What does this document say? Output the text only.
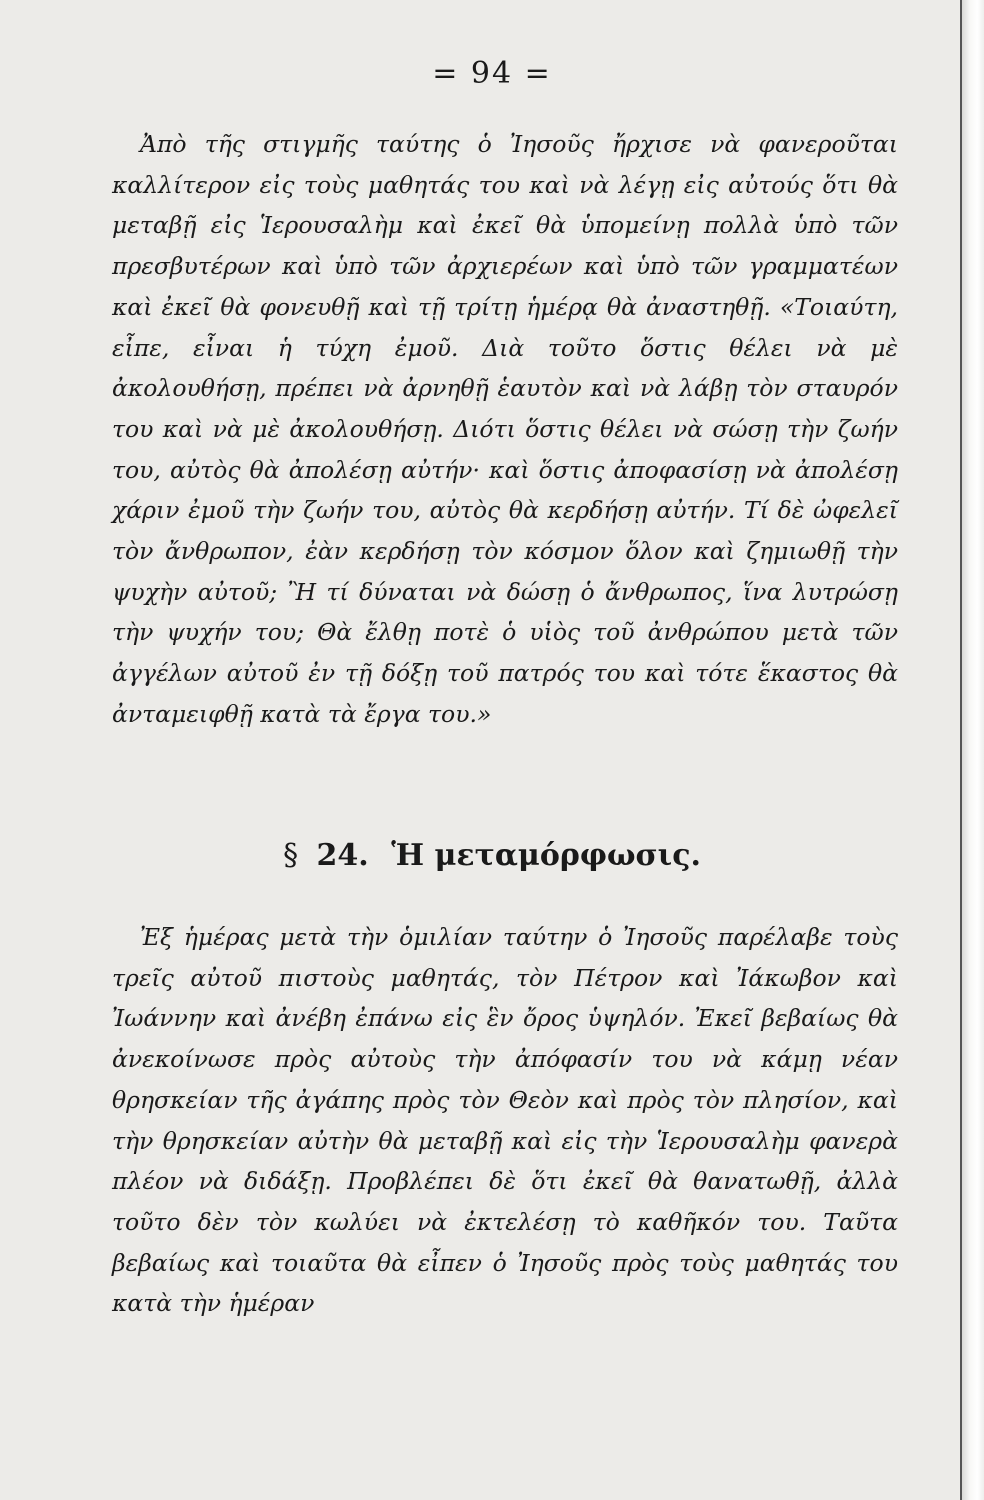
= 94 =

Ἀπὸ τῆς στιγμῆς ταύτης ὁ Ἰησοῦς ἤρχισε νὰ φανεροῦται καλλίτερον εἰς τοὺς μαθητάς του καὶ νὰ λέγῃ εἰς αὐτούς ὅτι θὰ μεταβῇ εἰς Ἱερουσαλὴμ καὶ ἐκεῖ θὰ ὑπομείνῃ πολλὰ ὑπὸ τῶν πρεσβυτέρων καὶ ὑπὸ τῶν ἀρχιερέων καὶ ὑπὸ τῶν γραμματέων καὶ ἐκεῖ θὰ φονευθῇ καὶ τῇ τρίτῃ ἡμέρᾳ θὰ ἀναστηθῇ. «Τοιαύτη, εἶπε, εἶναι ἡ τύχη ἐμοῦ. Διὰ τοῦτο ὅστις θέλει νὰ μὲ ἀκολουθήσῃ, πρέπει νὰ ἀρνηθῇ ἑαυτὸν καὶ νὰ λάβῃ τὸν σταυρόν του καὶ νὰ μὲ ἀκολουθήσῃ. Διότι ὅστις θέλει νὰ σώσῃ τὴν ζωήν του, αὐτὸς θὰ ἀπολέσῃ αὐτήν· καὶ ὅστις ἀποφασίσῃ νὰ ἀπολέσῃ χάριν ἐμοῦ τὴν ζωήν του, αὐτὸς θὰ κερδήσῃ αὐτήν. Τί δὲ ὠφελεῖ τὸν ἄνθρωπον, ἐὰν κερδήσῃ τὸν κόσμον ὅλον καὶ ζημιωθῇ τὴν ψυχὴν αὐτοῦ; Ἢ τί δύναται νὰ δώσῃ ὁ ἄνθρωπος, ἵνα λυτρώσῃ τὴν ψυχήν του; Θὰ ἔλθῃ ποτὲ ὁ υἱὸς τοῦ ἀνθρώπου μετὰ τῶν ἀγγέλων αὐτοῦ ἐν τῇ δόξῃ τοῦ πατρός του καὶ τότε ἕκαστος θὰ ἀνταμειφθῇ κατὰ τὰ ἔργα του.»

§ 24. Ἡ μεταμόρφωσις.

Ἐξ ἡμέρας μετὰ τὴν ὁμιλίαν ταύτην ὁ Ἰησοῦς παρέλαβε τοὺς τρεῖς αὐτοῦ πιστοὺς μαθητάς, τὸν Πέτρον καὶ Ἰάκωβον καὶ Ἰωάννην καὶ ἀνέβη ἐπάνω εἰς ἓν ὄρος ὑψηλόν. Ἐκεῖ βεβαίως θὰ ἀνεκοίνωσε πρὸς αὐτοὺς τὴν ἀπόφασίν του νὰ κάμῃ νέαν θρησκείαν τῆς ἀγάπης πρὸς τὸν Θεὸν καὶ πρὸς τὸν πλησίον, καὶ τὴν θρησκείαν αὐτὴν θὰ μεταβῇ καὶ εἰς τὴν Ἱερουσαλὴμ φανερὰ πλέον νὰ διδάξῃ. Προβλέπει δὲ ὅτι ἐκεῖ θὰ θανατωθῇ, ἀλλὰ τοῦτο δὲν τὸν κωλύει νὰ ἐκτελέσῃ τὸ καθῆκόν του. Ταῦτα βεβαίως καὶ τοιαῦτα θὰ εἶπεν ὁ Ἰησοῦς πρὸς τοὺς μαθητάς του κατὰ τὴν ἡμέραν
